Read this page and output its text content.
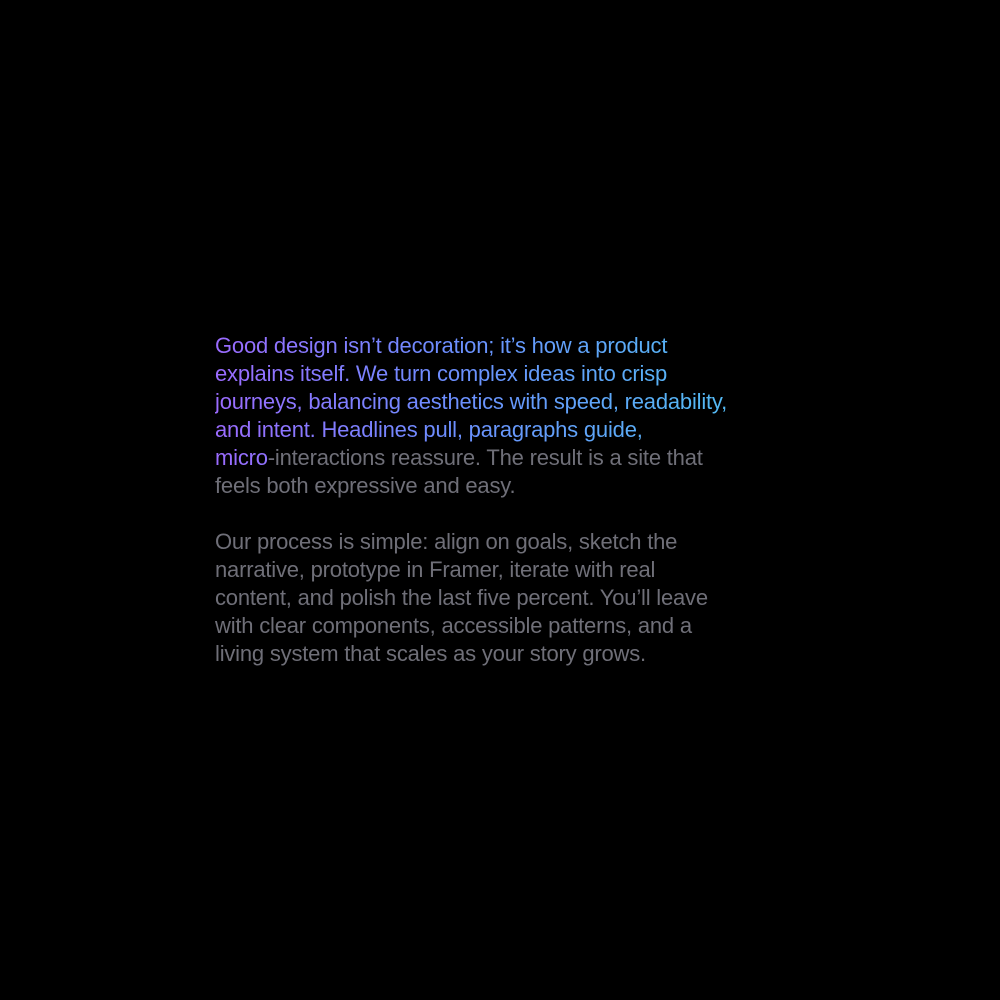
Good design isn’t decoration; it’s how a product
explains itself. We turn complex ideas into crisp
journeys, balancing aesthetics with speed, readability,
and intent. Headlines pull, paragraphs guide,
micro-interactions reassure. The result is a site that
feels both expressive and easy.

Our process is simple: align on goals, sketch the
narrative, prototype in Framer, iterate with real
content, and polish the last five percent. You’ll leave
with clear components, accessible patterns, and a
living system that scales as your story grows.
